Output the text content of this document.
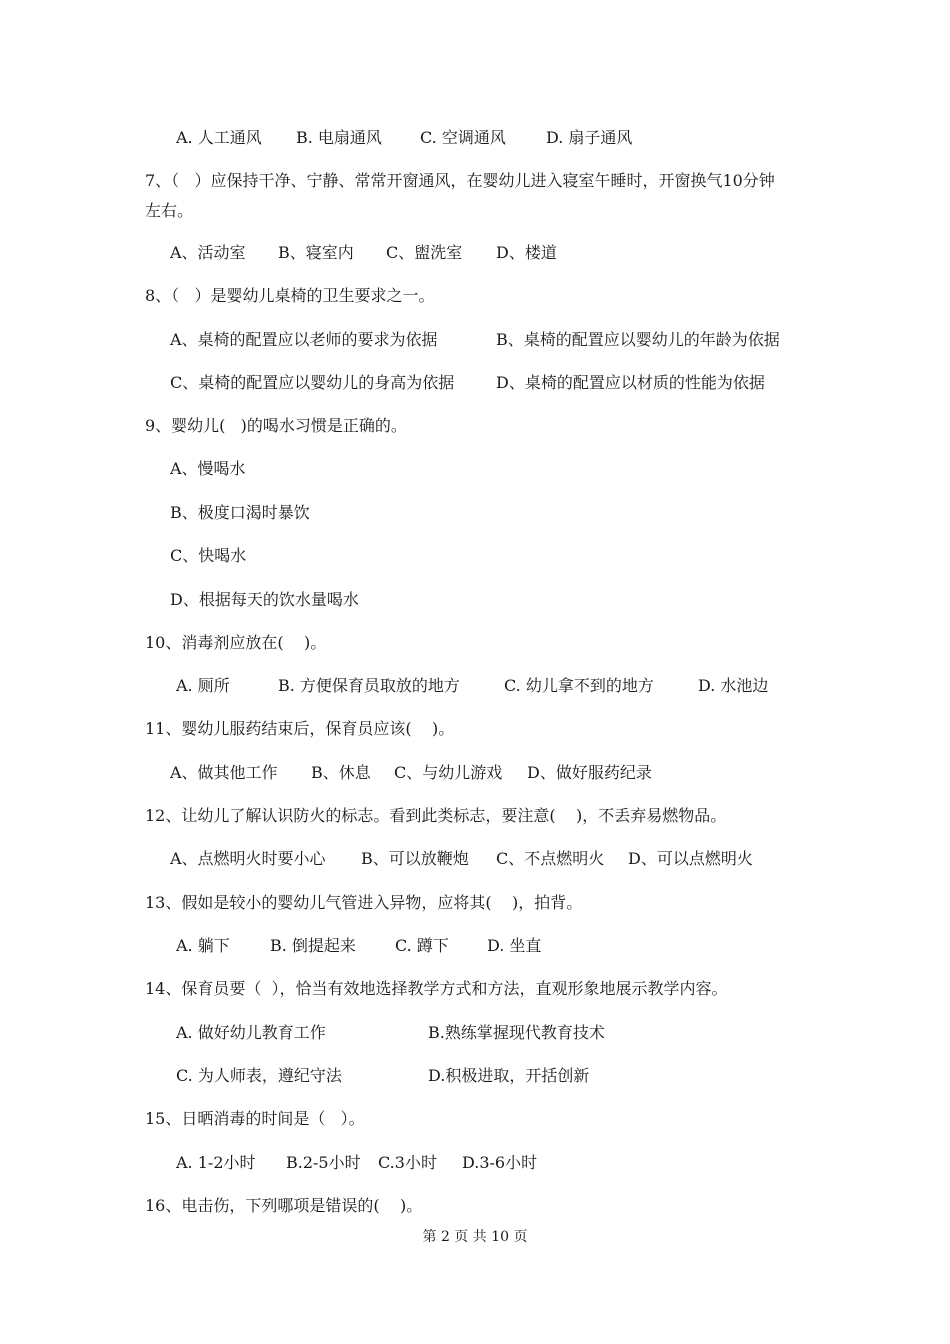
A. 人工通风 B. 电扇通风 C. 空调通风	D. 扇子通风
7、（   ）应保持干净、宁静、常常开窗通风，在婴幼儿进入寝室午睡时，开窗换气10分钟
左右。
A、活动室 B、寝室内 C、盥洗室 D、楼道
8、（   ）是婴幼儿桌椅的卫生要求之一。
A、桌椅的配置应以老师的要求为依据	B、桌椅的配置应以婴幼儿的年龄为依据
C、桌椅的配置应以婴幼儿的身高为依据	D、桌椅的配置应以材质的性能为依据
9、婴幼儿(   )的喝水习惯是正确的。
A、慢喝水
B、极度口渴时暴饮
C、快喝水
D、根据每天的饮水量喝水
10、消毒剂应放在(    )。
A. 厕所	B. 方便保育员取放的地方	C. 幼儿拿不到的地方	D. 水池边
11、婴幼儿服药结束后，保育员应该(    )。
A、做其他工作 B、休息 C、与幼儿游戏 D、做好服药纪录
12、让幼儿了解认识防火的标志。看到此类标志，要注意(    )，不丢弃易燃物品。
A、点燃明火时要小心 B、可以放鞭炮 C、不点燃明火 D、可以点燃明火
13、假如是较小的婴幼儿气管进入异物，应将其(    )，拍背。
A. 躺下	B. 倒提起来 C. 蹲下 D. 坐直
14、保育员要（  ），恰当有效地选择教学方式和方法，直观形象地展示教学内容。
A. 做好幼儿教育工作	B.熟练掌握现代教育技术
C. 为人师表，遵纪守法	D.积极进取，开括创新
15、日晒消毒的时间是（   ）。
A. 1-2小时 B.2-5小时 C.3小时 D.3-6小时
16、电击伤，下列哪项是错误的(    )。
第 2 页 共 10 页
